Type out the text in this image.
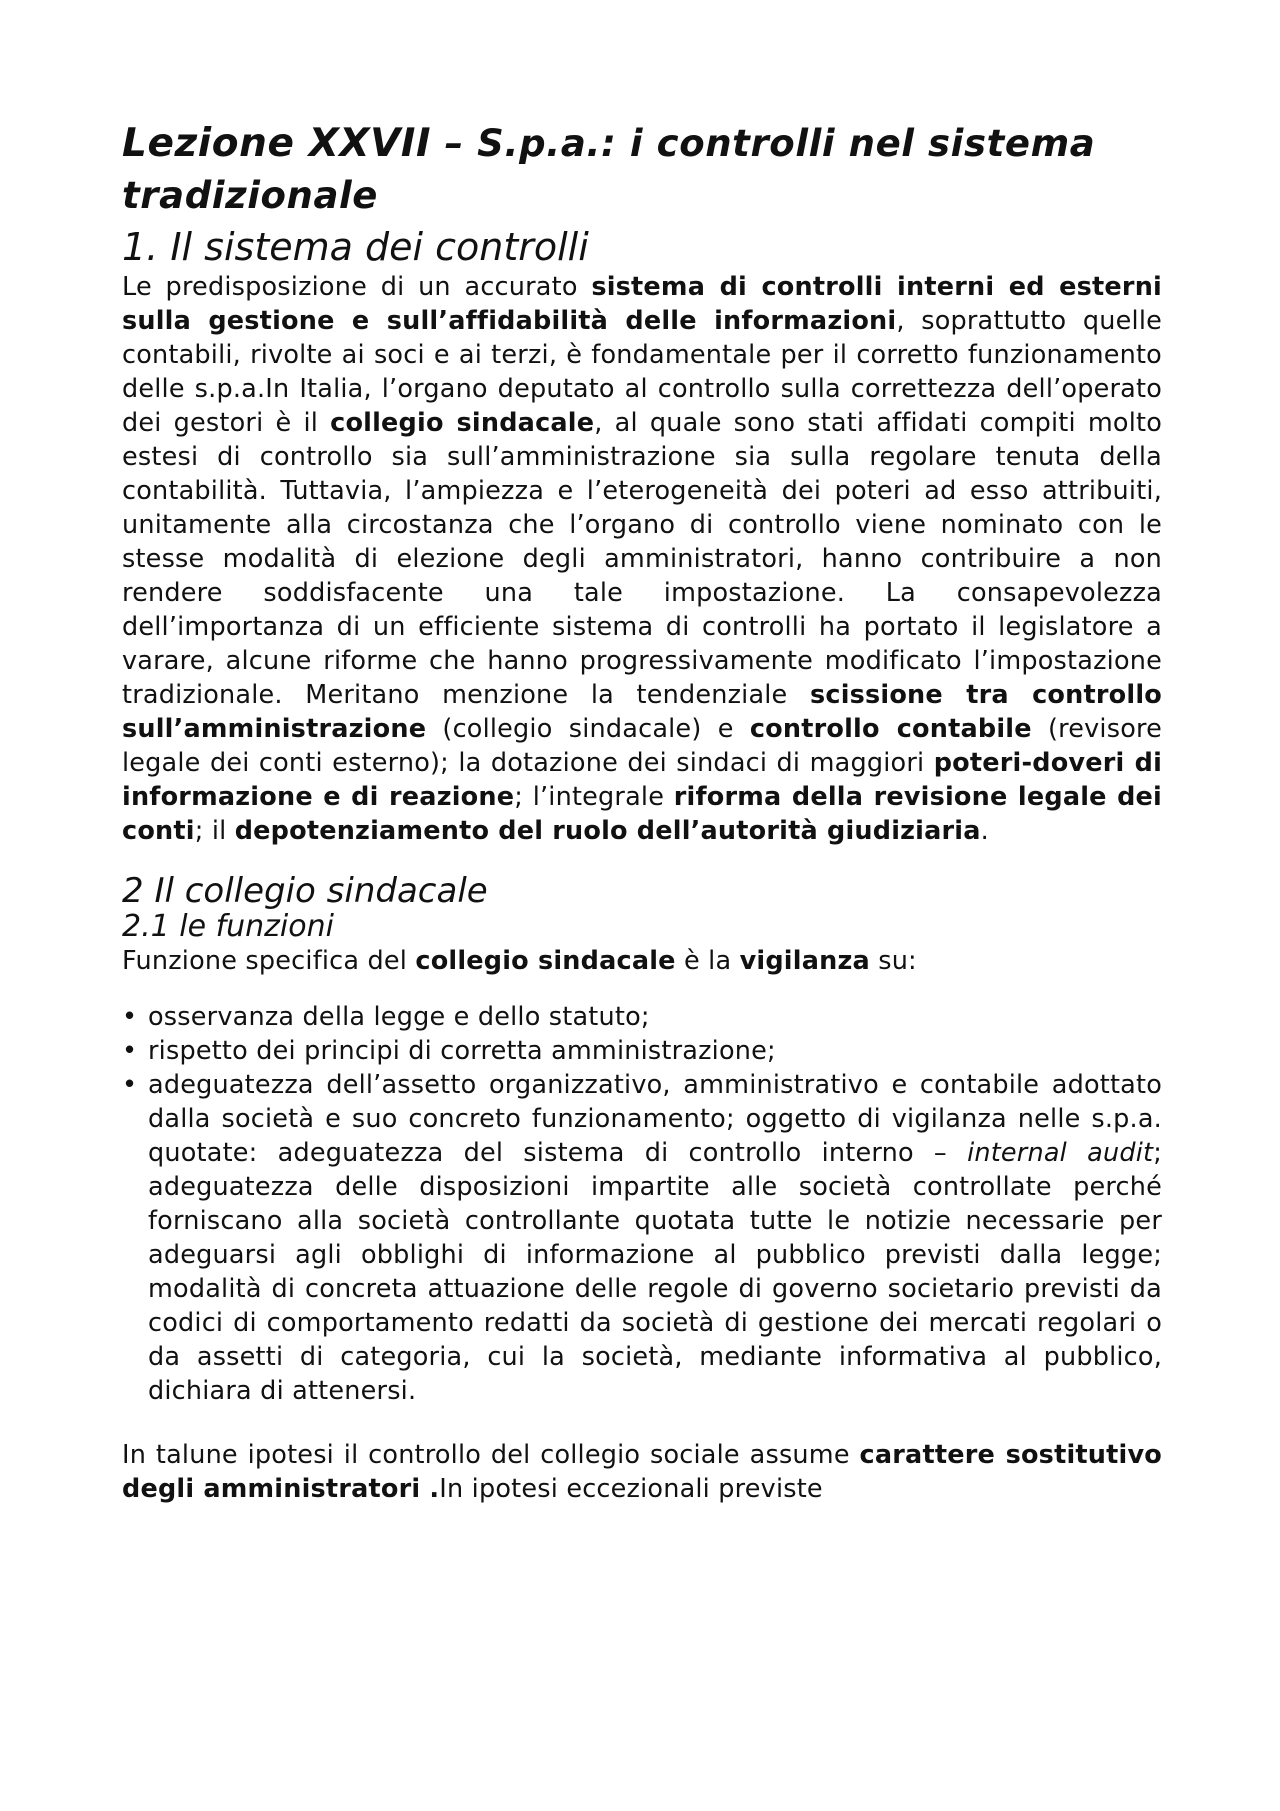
Lezione XXVII – S.p.a.: i controlli nel sistema tradizionale
1. Il sistema dei controlli

Le predisposizione di un accurato sistema di controlli interni ed esterni sulla gestione e sull’affidabilità delle informazioni, soprattutto quelle contabili, rivolte ai soci e ai terzi, è fondamentale per il corretto funzionamento delle s.p.a.In Italia, l’organo deputato al controllo sulla correttezza dell’operato dei gestori è il collegio sindacale, al quale sono stati affidati compiti molto estesi di controllo sia sull’amministrazione sia sulla regolare tenuta della contabilità. Tuttavia, l’ampiezza e l’eterogeneità dei poteri ad esso attribuiti, unitamente alla circostanza che l’organo di controllo viene nominato con le stesse modalità di elezione degli amministratori, hanno contribuire a non rendere soddisfacente una tale impostazione. La consapevolezza dell’importanza di un efficiente sistema di controlli ha portato il legislatore a varare, alcune riforme che hanno progressivamente modificato l’impostazione tradizionale. Meritano menzione la tendenziale scissione tra controllo sull’amministrazione (collegio sindacale) e controllo contabile (revisore legale dei conti esterno); la dotazione dei sindaci di maggiori poteri-doveri di informazione e di reazione; l’integrale riforma della revisione legale dei conti; il depotenziamento del ruolo dell’autorità giudiziaria.

2 Il collegio sindacale
2.1 le funzioni

Funzione specifica del collegio sindacale è la vigilanza su:

• osservanza della legge e dello statuto;
• rispetto dei principi di corretta amministrazione;
• adeguatezza dell’assetto organizzativo, amministrativo e contabile adottato dalla società e suo concreto funzionamento; oggetto di vigilanza nelle s.p.a. quotate: adeguatezza del sistema di controllo interno – internal audit; adeguatezza delle disposizioni impartite alle società controllate perché forniscano alla società controllante quotata tutte le notizie necessarie per adeguarsi agli obblighi di informazione al pubblico previsti dalla legge; modalità di concreta attuazione delle regole di governo societario previsti da codici di comportamento redatti da società di gestione dei mercati regolari o da assetti di categoria, cui la società, mediante informativa al pubblico, dichiara di attenersi.

In talune ipotesi il controllo del collegio sociale assume carattere sostitutivo degli amministratori .In ipotesi eccezionali previste
